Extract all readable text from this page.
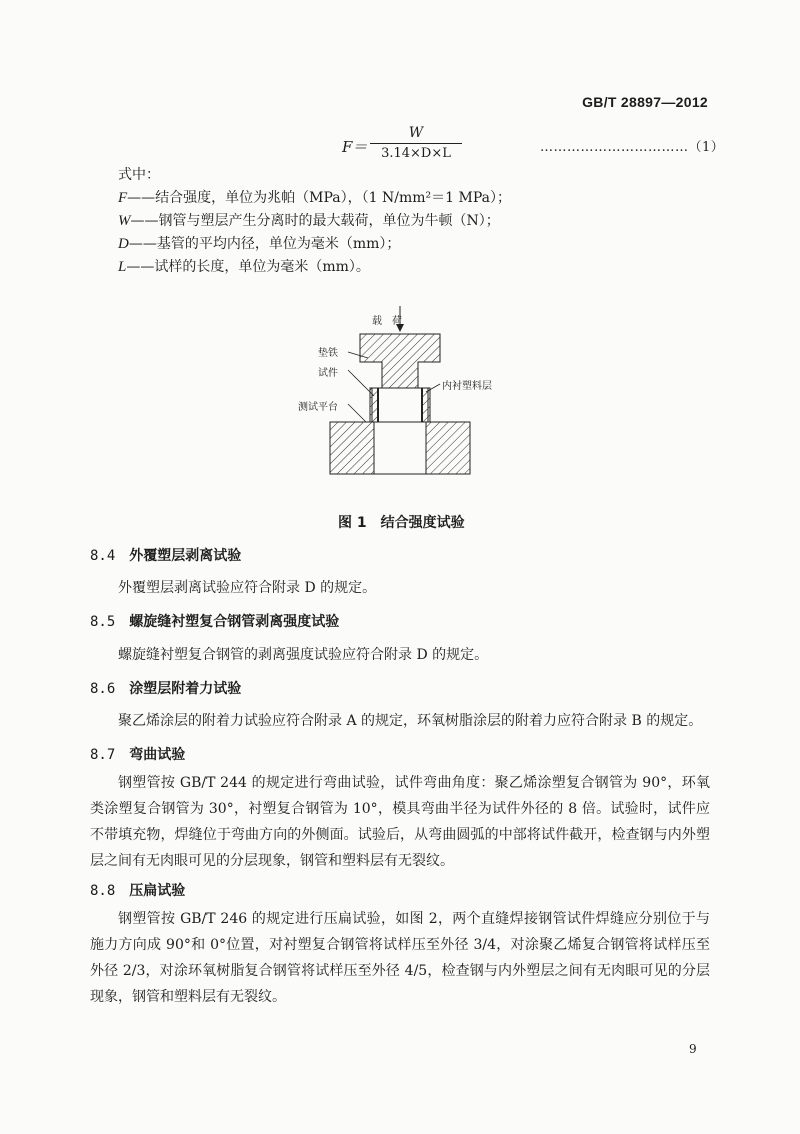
GB/T 28897—2012
F＝
W
3.14×D×L	……………………………（1）
式中：
F——结合强度，单位为兆帕（MPa），（1 N/mm²＝1 MPa）；
W——钢管与塑层产生分离时的最大载荷，单位为牛顿（N）；
D——基管的平均内径，单位为毫米（mm）；
L——试样的长度，单位为毫米（mm）。
载　荷
垫铁
试件
测试平台
内衬塑料层
图 1　结合强度试验
8.4 外覆塑层剥离试验
外覆塑层剥离试验应符合附录 D 的规定。
8.5 螺旋缝衬塑复合钢管剥离强度试验
螺旋缝衬塑复合钢管的剥离强度试验应符合附录 D 的规定。
8.6 涂塑层附着力试验
聚乙烯涂层的附着力试验应符合附录 A 的规定，环氧树脂涂层的附着力应符合附录 B 的规定。
8.7 弯曲试验
钢塑管按 GB/T 244 的规定进行弯曲试验，试件弯曲角度：聚乙烯涂塑复合钢管为 90°，环氧类涂塑复合钢管为 30°，衬塑复合钢管为 10°，模具弯曲半径为试件外径的 8 倍。试验时，试件应不带填充物，焊缝位于弯曲方向的外侧面。试验后，从弯曲圆弧的中部将试件截开，检查钢与内外塑层之间有无肉眼可见的分层现象，钢管和塑料层有无裂纹。
8.8 压扁试验
钢塑管按 GB/T 246 的规定进行压扁试验，如图 2，两个直缝焊接钢管试件焊缝应分别位于与施力方向成 90°和 0°位置，对衬塑复合钢管将试样压至外径 3/4，对涂聚乙烯复合钢管将试样压至外径 2/3，对涂环氧树脂复合钢管将试样压至外径 4/5，检查钢与内外塑层之间有无肉眼可见的分层现象，钢管和塑料层有无裂纹。
9
